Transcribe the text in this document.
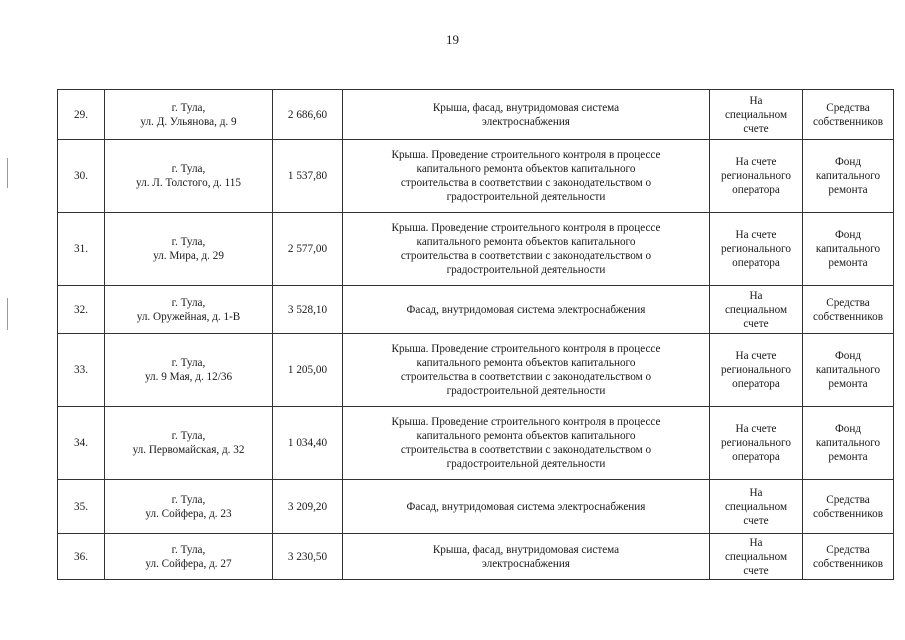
19
29.	г. Тула,
ул. Д. Ульянова, д. 9	2 686,60	Крыша, фасад, внутридомовая система
электроснабжения	На
специальном
счете	Средства
собственников

30.	г. Тула,
ул. Л. Толстого, д. 115	1 537,80	Крыша. Проведение строительного контроля в процессе
капитального ремонта объектов капитального
строительства в соответствии с законодательством о
градостроительной деятельности	На счете
регионального
оператора	Фонд
капитального
ремонта

31.	г. Тула,
ул. Мира, д. 29	2 577,00	Крыша. Проведение строительного контроля в процессе
капитального ремонта объектов капитального
строительства в соответствии с законодательством о
градостроительной деятельности	На счете
регионального
оператора	Фонд
капитального
ремонта

32.	г. Тула,
ул. Оружейная, д. 1-В	3 528,10	Фасад, внутридомовая система электроснабжения	На
специальном
счете	Средства
собственников

33.	г. Тула,
ул. 9 Мая, д. 12/36	1 205,00	Крыша. Проведение строительного контроля в процессе
капитального ремонта объектов капитального
строительства в соответствии с законодательством о
градостроительной деятельности	На счете
регионального
оператора	Фонд
капитального
ремонта

34.	г. Тула,
ул. Первомайская, д. 32	1 034,40	Крыша. Проведение строительного контроля в процессе
капитального ремонта объектов капитального
строительства в соответствии с законодательством о
градостроительной деятельности	На счете
регионального
оператора	Фонд
капитального
ремонта

35.	г. Тула,
ул. Сойфера, д. 23	3 209,20	Фасад, внутридомовая система электроснабжения	На
специальном
счете	Средства
собственников

36.	г. Тула,
ул. Сойфера, д. 27	3 230,50	Крыша, фасад, внутридомовая система
электроснабжения	На
специальном
счете	Средства
собственников
